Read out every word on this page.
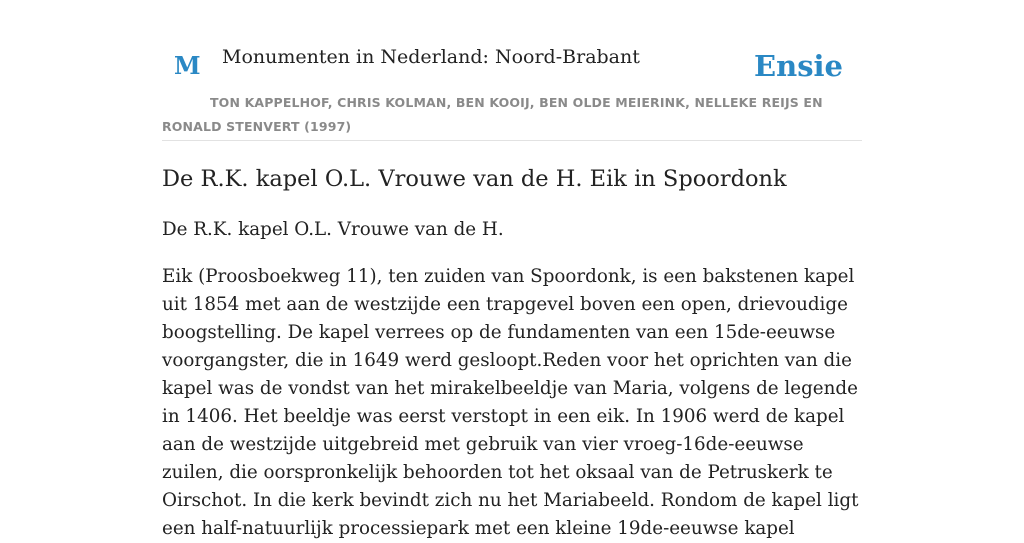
M Monumenten in Nederland: Noord-Brabant	Ensie
TON KAPPELHOF, CHRIS KOLMAN, BEN KOOIJ, BEN OLDE MEIERINK, NELLEKE REIJS EN RONALD STENVERT (1997)
De R.K. kapel O.L. Vrouwe van de H. Eik in Spoordonk

De R.K. kapel O.L. Vrouwe van de H.

Eik (Proosboekweg 11), ten zuiden van Spoordonk, is een bakstenen kapel uit 1854 met aan de westzijde een trapgevel boven een open, drievoudige boogstelling. De kapel verrees op de fundamenten van een 15de-eeuwse voorgangster, die in 1649 werd gesloopt.Reden voor het oprichten van die kapel was de vondst van het mirakelbeeldje van Maria, volgens de legende in 1406. Het beeldje was eerst verstopt in een eik. In 1906 werd de kapel aan de westzijde uitgebreid met gebruik van vier vroeg-16de-eeuwse zuilen, die oorspronkelijk behoorden tot het oksaal van de Petruskerk te Oirschot. In die kerk bevindt zich nu het Mariabeeld. Rondom de kapel ligt een half-natuurlijk processiepark met een kleine 19de-eeuwse kapel
